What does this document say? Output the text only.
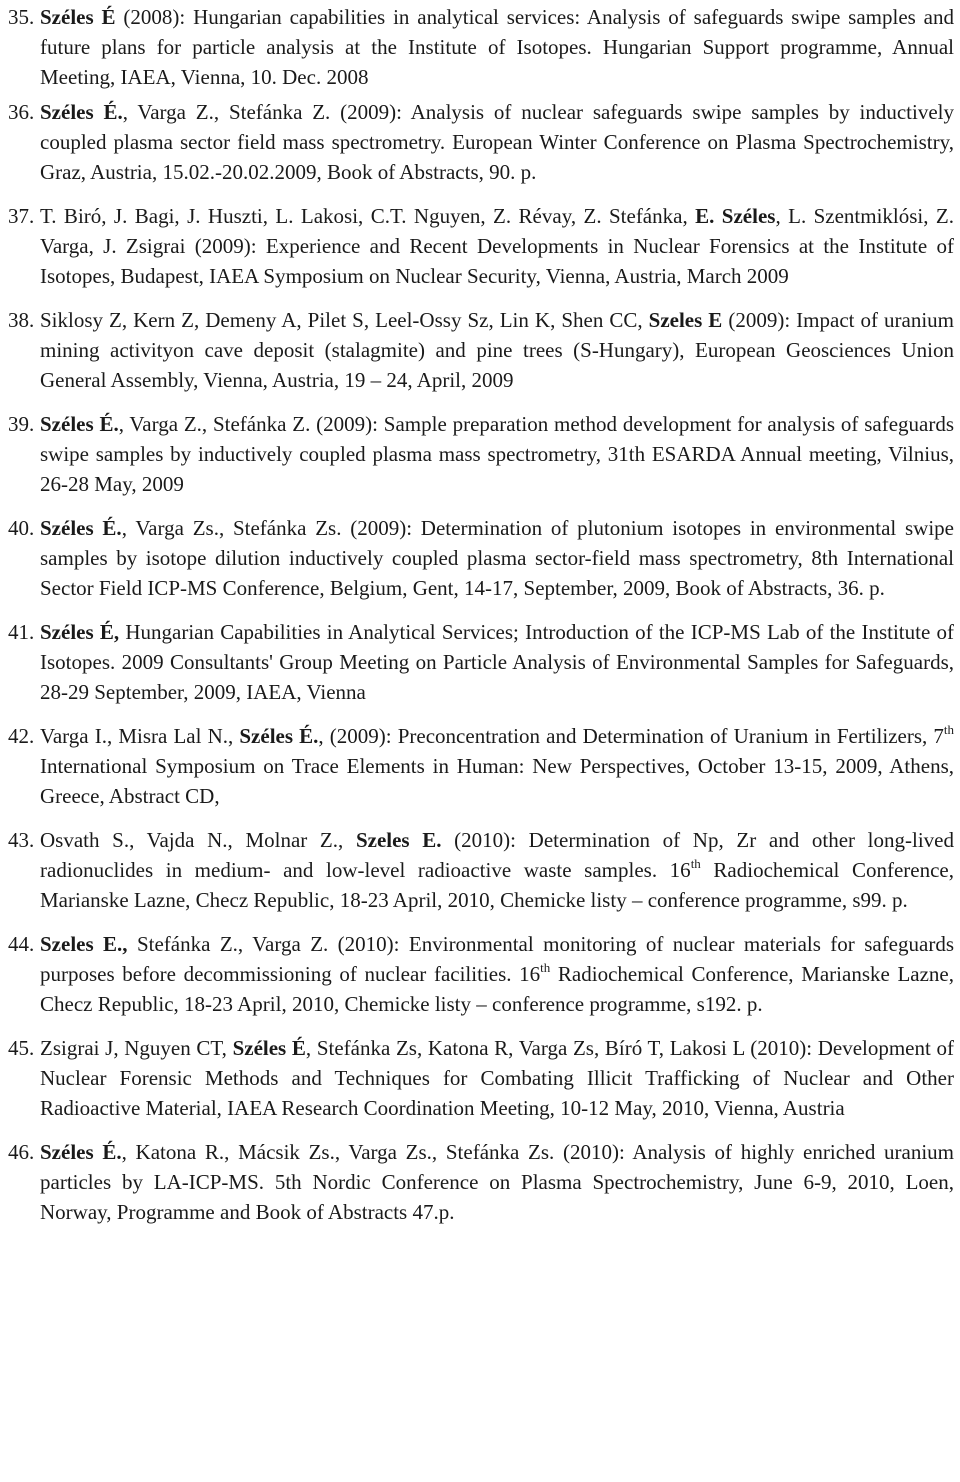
35. Széles É (2008): Hungarian capabilities in analytical services: Analysis of safeguards swipe samples and future plans for particle analysis at the Institute of Isotopes. Hungarian Support programme, Annual Meeting, IAEA, Vienna, 10. Dec. 2008
36. Széles É., Varga Z., Stefánka Z. (2009): Analysis of nuclear safeguards swipe samples by inductively coupled plasma sector field mass spectrometry. European Winter Conference on Plasma Spectrochemistry, Graz, Austria, 15.02.-20.02.2009, Book of Abstracts, 90. p.
37. T. Biró, J. Bagi, J. Huszti, L. Lakosi, C.T. Nguyen, Z. Révay, Z. Stefánka, E. Széles, L. Szentmiklósi, Z. Varga, J. Zsigrai (2009): Experience and Recent Developments in Nuclear Forensics at the Institute of Isotopes, Budapest, IAEA Symposium on Nuclear Security, Vienna, Austria, March 2009
38. Siklosy Z, Kern Z, Demeny A, Pilet S, Leel-Ossy Sz, Lin K, Shen CC, Szeles E (2009): Impact of uranium mining activityon cave deposit (stalagmite) and pine trees (S-Hungary), European Geosciences Union General Assembly, Vienna, Austria, 19 – 24, April, 2009
39. Széles É., Varga Z., Stefánka Z. (2009): Sample preparation method development for analysis of safeguards swipe samples by inductively coupled plasma mass spectrometry, 31th ESARDA Annual meeting, Vilnius, 26-28 May, 2009
40. Széles É., Varga Zs., Stefánka Zs. (2009): Determination of plutonium isotopes in environmental swipe samples by isotope dilution inductively coupled plasma sector-field mass spectrometry, 8th International Sector Field ICP-MS Conference, Belgium, Gent, 14-17, September, 2009, Book of Abstracts, 36. p.
41. Széles É, Hungarian Capabilities in Analytical Services; Introduction of the ICP-MS Lab of the Institute of Isotopes. 2009 Consultants' Group Meeting on Particle Analysis of Environmental Samples for Safeguards, 28-29 September, 2009, IAEA, Vienna
42. Varga I., Misra Lal N., Széles É., (2009): Preconcentration and Determination of Uranium in Fertilizers, 7th International Symposium on Trace Elements in Human: New Perspectives, October 13-15, 2009, Athens, Greece, Abstract CD,
43. Osvath S., Vajda N., Molnar Z., Szeles E. (2010): Determination of Np, Zr and other long-lived radionuclides in medium- and low-level radioactive waste samples. 16th Radiochemical Conference, Marianske Lazne, Checz Republic, 18-23 April, 2010, Chemicke listy – conference programme, s99. p.
44. Szeles E., Stefánka Z., Varga Z. (2010): Environmental monitoring of nuclear materials for safeguards purposes before decommissioning of nuclear facilities. 16th Radiochemical Conference, Marianske Lazne, Checz Republic, 18-23 April, 2010, Chemicke listy – conference programme, s192. p.
45. Zsigrai J, Nguyen CT, Széles É, Stefánka Zs, Katona R, Varga Zs, Bíró T, Lakosi L (2010): Development of Nuclear Forensic Methods and Techniques for Combating Illicit Trafficking of Nuclear and Other Radioactive Material, IAEA Research Coordination Meeting, 10-12 May, 2010, Vienna, Austria
46. Széles É., Katona R., Mácsik Zs., Varga Zs., Stefánka Zs. (2010): Analysis of highly enriched uranium particles by LA-ICP-MS. 5th Nordic Conference on Plasma Spectrochemistry, June 6-9, 2010, Loen, Norway, Programme and Book of Abstracts 47.p.
